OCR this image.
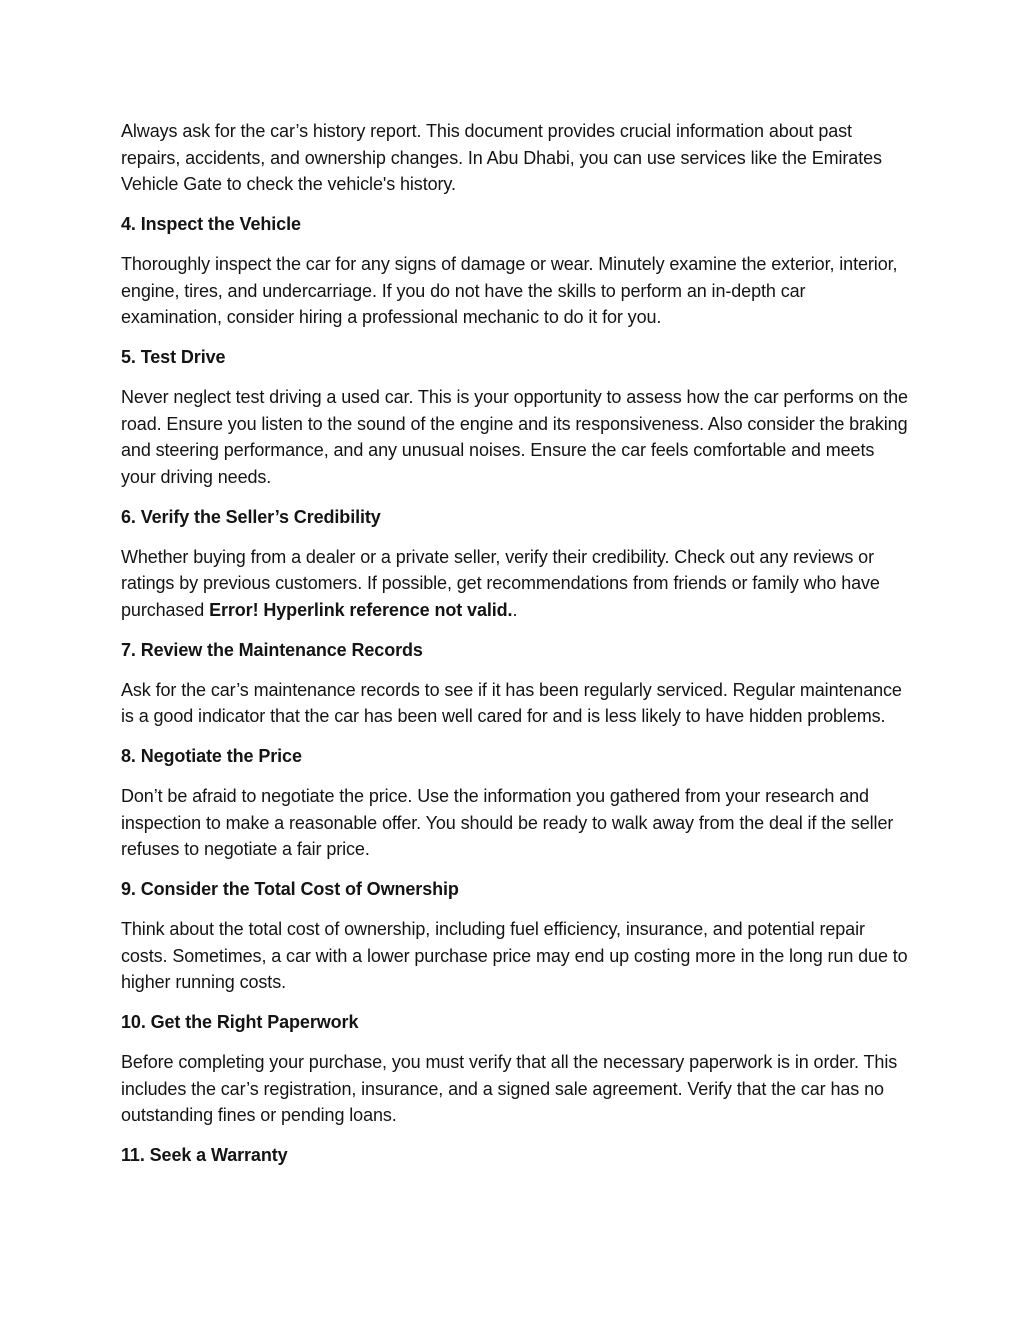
Always ask for the car’s history report. This document provides crucial information about past repairs, accidents, and ownership changes. In Abu Dhabi, you can use services like the Emirates Vehicle Gate to check the vehicle's history.

4. Inspect the Vehicle

Thoroughly inspect the car for any signs of damage or wear. Minutely examine the exterior, interior, engine, tires, and undercarriage. If you do not have the skills to perform an in-depth car examination, consider hiring a professional mechanic to do it for you.

5. Test Drive

Never neglect test driving a used car. This is your opportunity to assess how the car performs on the road. Ensure you listen to the sound of the engine and its responsiveness. Also consider the braking and steering performance, and any unusual noises. Ensure the car feels comfortable and meets your driving needs.

6. Verify the Seller’s Credibility

Whether buying from a dealer or a private seller, verify their credibility. Check out any reviews or ratings by previous customers. If possible, get recommendations from friends or family who have purchased Error! Hyperlink reference not valid..

7. Review the Maintenance Records

Ask for the car’s maintenance records to see if it has been regularly serviced. Regular maintenance is a good indicator that the car has been well cared for and is less likely to have hidden problems.

8. Negotiate the Price

Don’t be afraid to negotiate the price. Use the information you gathered from your research and inspection to make a reasonable offer. You should be ready to walk away from the deal if the seller refuses to negotiate a fair price.

9. Consider the Total Cost of Ownership

Think about the total cost of ownership, including fuel efficiency, insurance, and potential repair costs. Sometimes, a car with a lower purchase price may end up costing more in the long run due to higher running costs.

10. Get the Right Paperwork

Before completing your purchase, you must verify that all the necessary paperwork is in order. This includes the car’s registration, insurance, and a signed sale agreement. Verify that the car has no outstanding fines or pending loans.

11. Seek a Warranty
